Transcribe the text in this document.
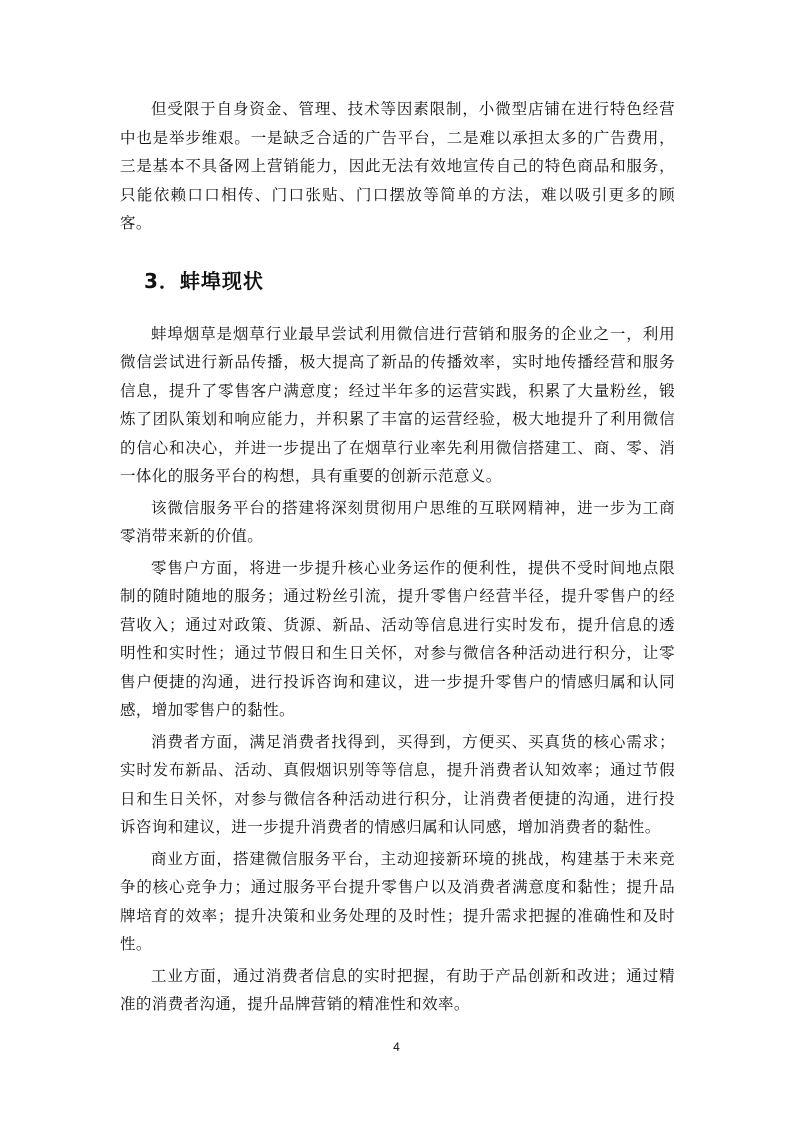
但受限于自身资金、管理、技术等因素限制，小微型店铺在进行特色经营中也是举步维艰。一是缺乏合适的广告平台，二是难以承担太多的广告费用，三是基本不具备网上营销能力，因此无法有效地宣传自己的特色商品和服务，只能依赖口口相传、门口张贴、门口摆放等简单的方法，难以吸引更多的顾客。

3．蚌埠现状

蚌埠烟草是烟草行业最早尝试利用微信进行营销和服务的企业之一，利用微信尝试进行新品传播，极大提高了新品的传播效率，实时地传播经营和服务信息，提升了零售客户满意度；经过半年多的运营实践，积累了大量粉丝，锻炼了团队策划和响应能力，并积累了丰富的运营经验，极大地提升了利用微信的信心和决心，并进一步提出了在烟草行业率先利用微信搭建工、商、零、消一体化的服务平台的构想，具有重要的创新示范意义。

该微信服务平台的搭建将深刻贯彻用户思维的互联网精神，进一步为工商零消带来新的价值。

零售户方面，将进一步提升核心业务运作的便利性，提供不受时间地点限制的随时随地的服务；通过粉丝引流，提升零售户经营半径，提升零售户的经营收入；通过对政策、货源、新品、活动等信息进行实时发布，提升信息的透明性和实时性；通过节假日和生日关怀，对参与微信各种活动进行积分，让零售户便捷的沟通，进行投诉咨询和建议，进一步提升零售户的情感归属和认同感，增加零售户的黏性。

消费者方面，满足消费者找得到，买得到，方便买、买真货的核心需求；实时发布新品、活动、真假烟识别等等信息，提升消费者认知效率；通过节假日和生日关怀，对参与微信各种活动进行积分，让消费者便捷的沟通，进行投诉咨询和建议，进一步提升消费者的情感归属和认同感，增加消费者的黏性。

商业方面，搭建微信服务平台，主动迎接新环境的挑战，构建基于未来竞争的核心竞争力；通过服务平台提升零售户以及消费者满意度和黏性；提升品牌培育的效率；提升决策和业务处理的及时性；提升需求把握的准确性和及时性。

工业方面，通过消费者信息的实时把握，有助于产品创新和改进；通过精准的消费者沟通，提升品牌营销的精准性和效率。

4
